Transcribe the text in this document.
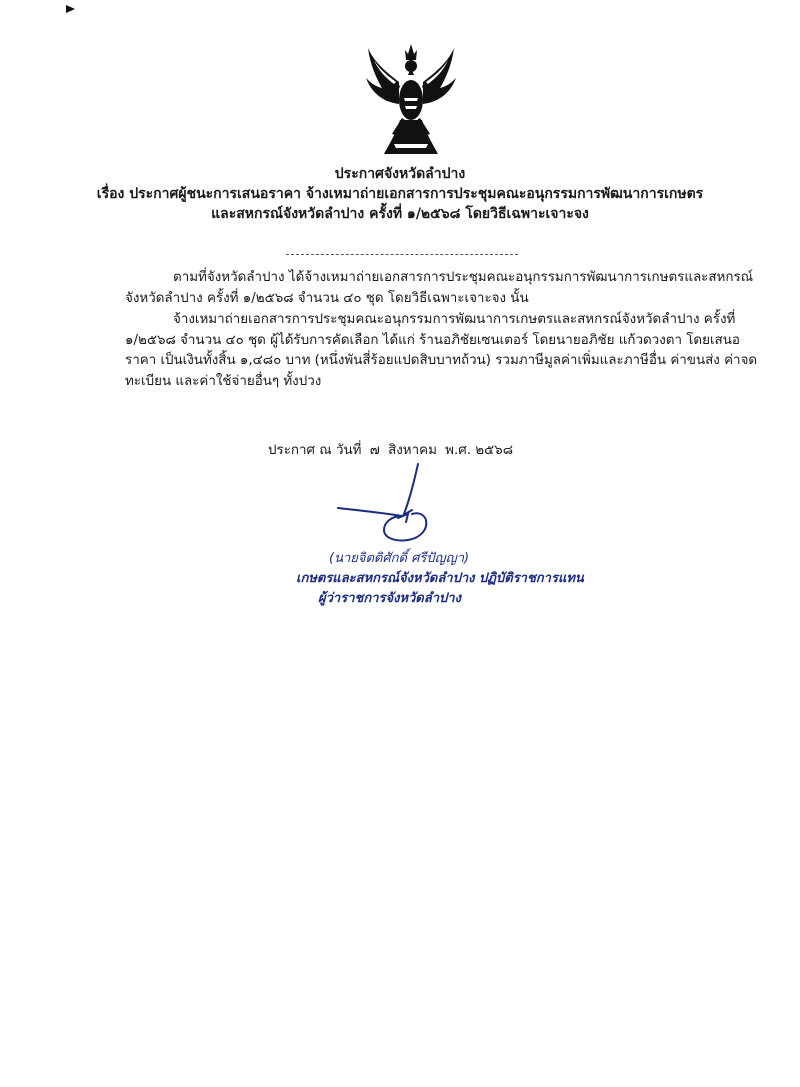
ประกาศจังหวัดลำปาง
เรื่อง ประกาศผู้ชนะการเสนอราคา จ้างเหมาถ่ายเอกสารการประชุมคณะอนุกรรมการพัฒนาการเกษตร
และสหกรณ์จังหวัดลำปาง ครั้งที่ ๑/๒๕๖๘ โดยวิธีเฉพาะเจาะจง

ตามที่จังหวัดลำปาง ได้จ้างเหมาถ่ายเอกสารการประชุมคณะอนุกรรมการพัฒนาการเกษตรและสหกรณ์จังหวัดลำปาง ครั้งที่ ๑/๒๕๖๘ จำนวน ๔๐ ชุด โดยวิธีเฉพาะเจาะจง นั้น

จ้างเหมาถ่ายเอกสารการประชุมคณะอนุกรรมการพัฒนาการเกษตรและสหกรณ์จังหวัดลำปาง ครั้งที่ ๑/๒๕๖๘ จำนวน ๔๐ ชุด ผู้ได้รับการคัดเลือก ได้แก่ ร้านอภิชัยเซนเตอร์ โดยนายอภิชัย แก้วดวงตา โดยเสนอราคา เป็นเงินทั้งสิ้น ๑,๔๘๐ บาท (หนึ่งพันสี่ร้อยแปดสิบบาทถ้วน) รวมภาษีมูลค่าเพิ่มและภาษีอื่น ค่าขนส่ง ค่าจดทะเบียน และค่าใช้จ่ายอื่นๆ ทั้งปวง

ประกาศ ณ วันที่ ๗ สิงหาคม พ.ศ. ๒๕๖๘
(นายจิตติศักดิ์ ศรีปัญญา)
เกษตรและสหกรณ์จังหวัดลำปาง ปฏิบัติราชการแทน
ผู้ว่าราชการจังหวัดลำปาง
